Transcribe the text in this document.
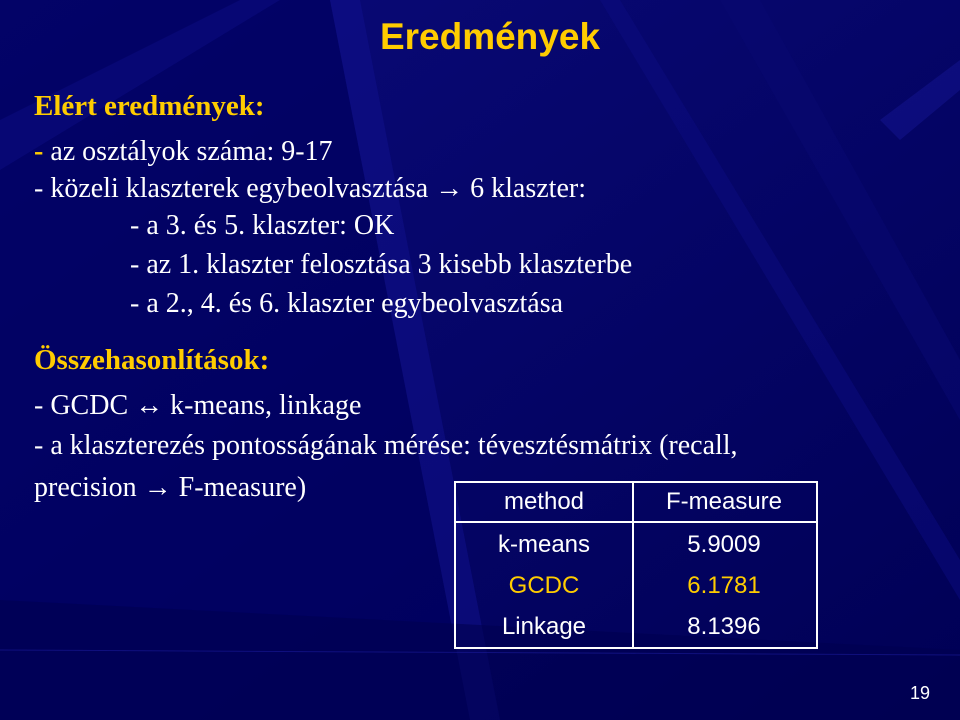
Eredmények
Elért eredmények:
- az osztályok száma: 9-17
- közeli klaszterek egybeolvasztása → 6 klaszter:
- a 3. és 5. klaszter: OK
- az 1. klaszter felosztása 3 kisebb klaszterbe
- a 2., 4. és 6. klaszter egybeolvasztása
Összehasonlítások:
- GCDC ↔ k-means, linkage
- a klaszterezés pontosságának mérése: tévesztésmátrix (recall,
precision → F-measure)	method	F-measure
k-means	5.9009
GCDC	6.1781
Linkage	8.1396
19
